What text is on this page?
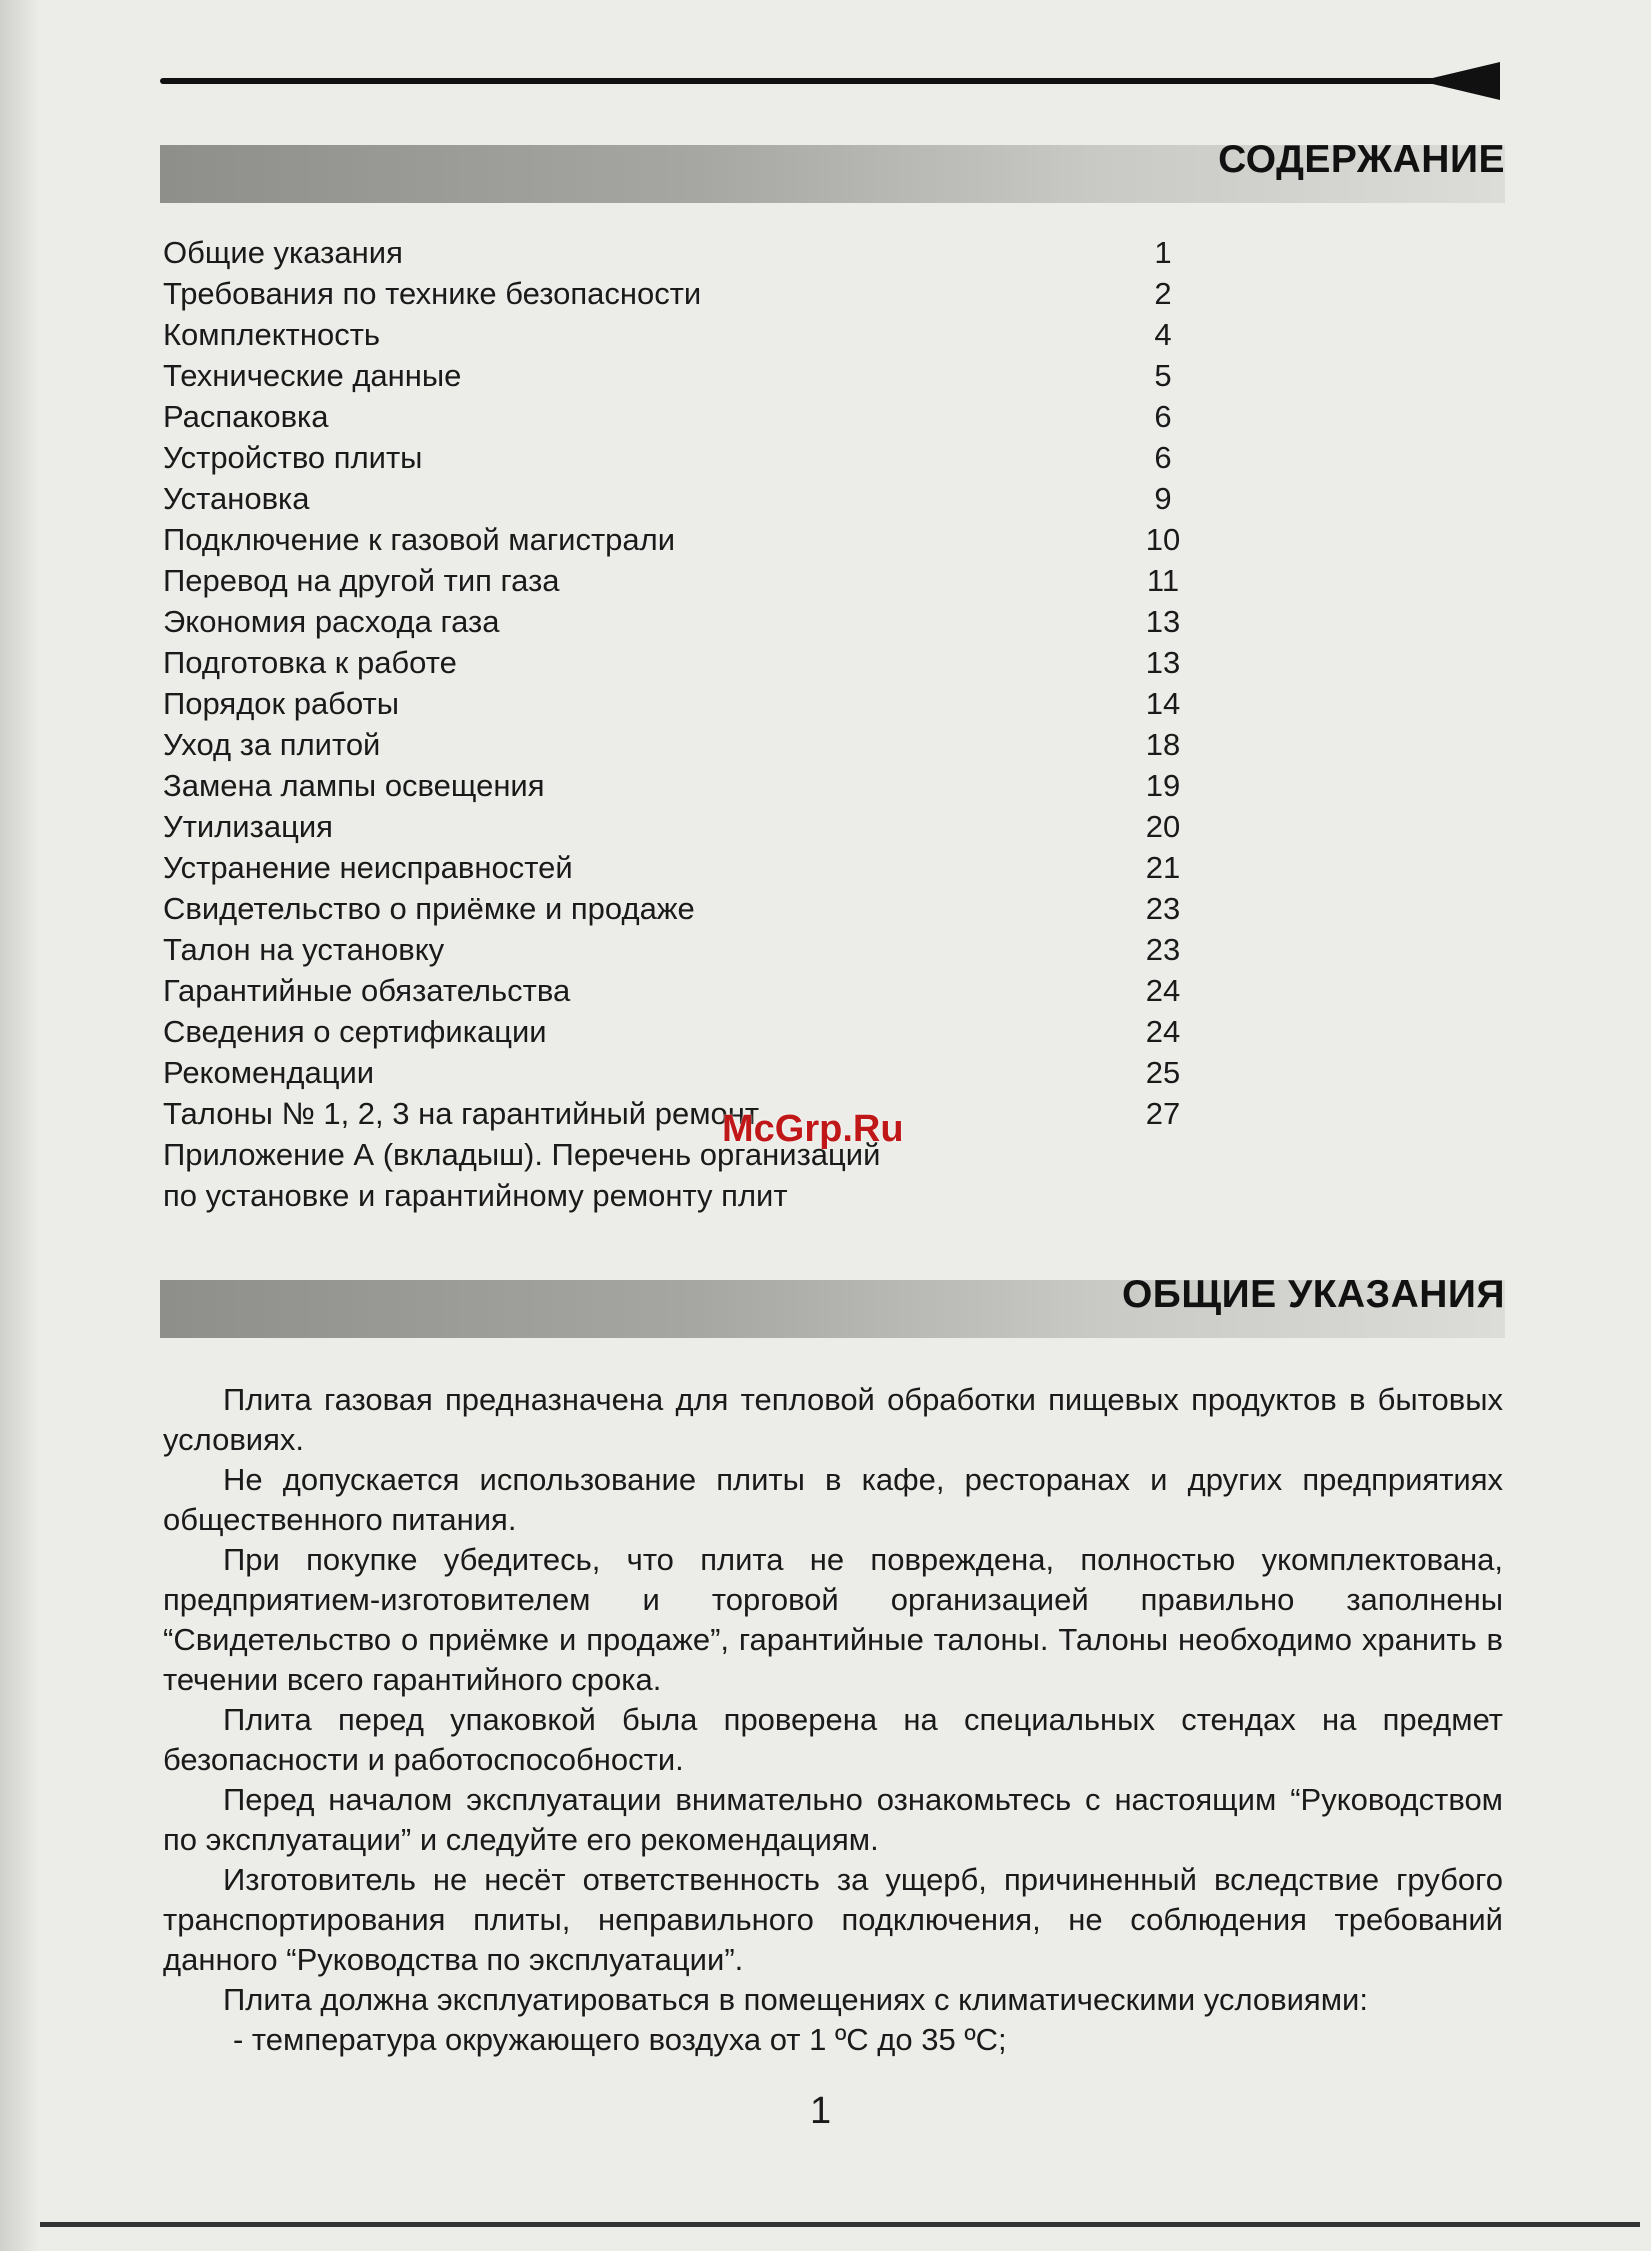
СОДЕРЖАНИЕ
Общие указания	1
Требования по технике безопасности	2
Комплектность	4
Технические данные	5
Распаковка	6
Устройство плиты	6
Установка	9
Подключение к газовой магистрали	10
Перевод на другой тип газа	11
Экономия расхода газа	13
Подготовка к работе	13
Порядок работы	14
Уход за плитой	18
Замена лампы освещения	19
Утилизация	20
Устранение неисправностей	21
Свидетельство о приёмке и продаже	23
Талон на установку	23
Гарантийные обязательства	24
Сведения о сертификации	24
Рекомендации	25
Талоны № 1, 2, 3 на гарантийный ремонт	27
Приложение А (вкладыш). Перечень организаций
по установке и гарантийному ремонту плит
McGrp.Ru
ОБЩИЕ УКАЗАНИЯ

Плита газовая предназначена для тепловой обработки пищевых продуктов в бытовых условиях.

Не допускается использование плиты в кафе, ресторанах и других предприятиях общественного питания.

При покупке убедитесь, что плита не повреждена, полностью укомплектована, предприятием-изготовителем и торговой организацией правильно заполнены “Свидетельство о приёмке и продаже”, гарантийные талоны. Талоны необходимо хранить в течении всего гарантийного срока.

Плита перед упаковкой была проверена на специальных стендах на предмет безопасности и работоспособности.

Перед началом эксплуатации внимательно ознакомьтесь с настоящим “Руководством по эксплуатации” и следуйте его рекомендациям.

Изготовитель не несёт ответственность за ущерб, причиненный вследствие грубого транспортирования плиты, неправильного подключения, не соблюдения требований данного “Руководства по эксплуатации”.

Плита должна эксплуатироваться в помещениях с климатическими условиями:

- температура окружающего воздуха от 1 ºС до 35 ºС;

1
